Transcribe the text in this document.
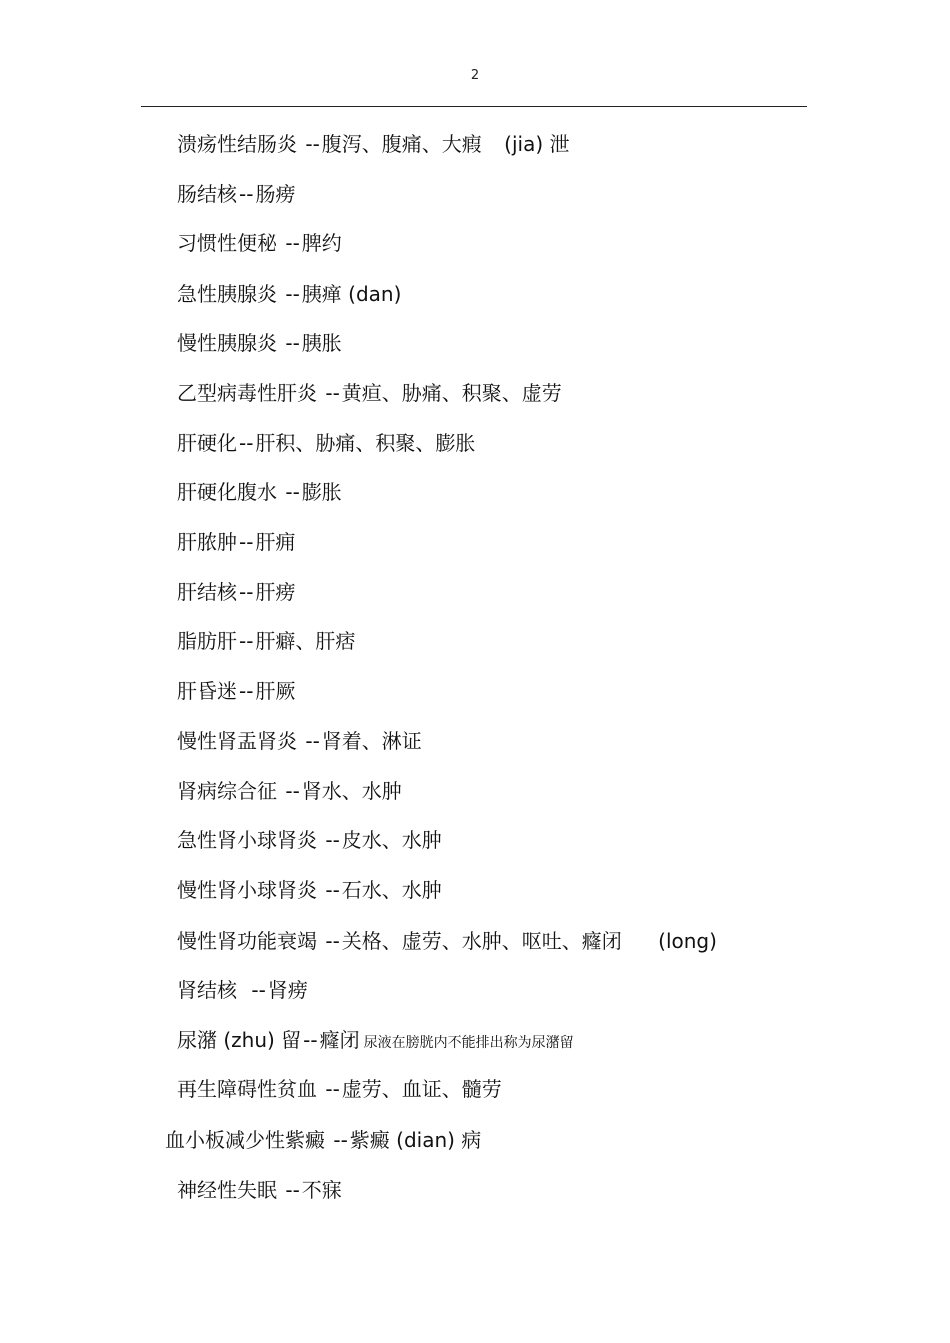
2
溃疡性结肠炎 -- 腹泻、腹痛、大瘕 (jia) 泄
肠结核 -- 肠痨
习惯性便秘 -- 脾约
急性胰腺炎 -- 胰瘅 (dan)
慢性胰腺炎 -- 胰胀
乙型病毒性肝炎 -- 黄疸、胁痛、积聚、虚劳
肝硬化 -- 肝积、胁痛、积聚、膨胀
肝硬化腹水 -- 膨胀
肝脓肿 -- 肝痈
肝结核 -- 肝痨
脂肪肝 -- 肝癖、肝痞
肝昏迷 -- 肝厥
慢性肾盂肾炎 -- 肾着、淋证
肾病综合征 -- 肾水、水肿
急性肾小球肾炎 -- 皮水、水肿
慢性肾小球肾炎 -- 石水、水肿
慢性肾功能衰竭 -- 关格、虚劳、水肿、呕吐、癃闭 (long)
肾结核 -- 肾痨
尿潴 (zhu) 留 -- 癃闭 尿液在膀胱内不能排出称为尿潴留
再生障碍性贫血 -- 虚劳、血证、髓劳
血小板减少性紫癜 -- 紫癜 (dian) 病
神经性失眠 -- 不寐
